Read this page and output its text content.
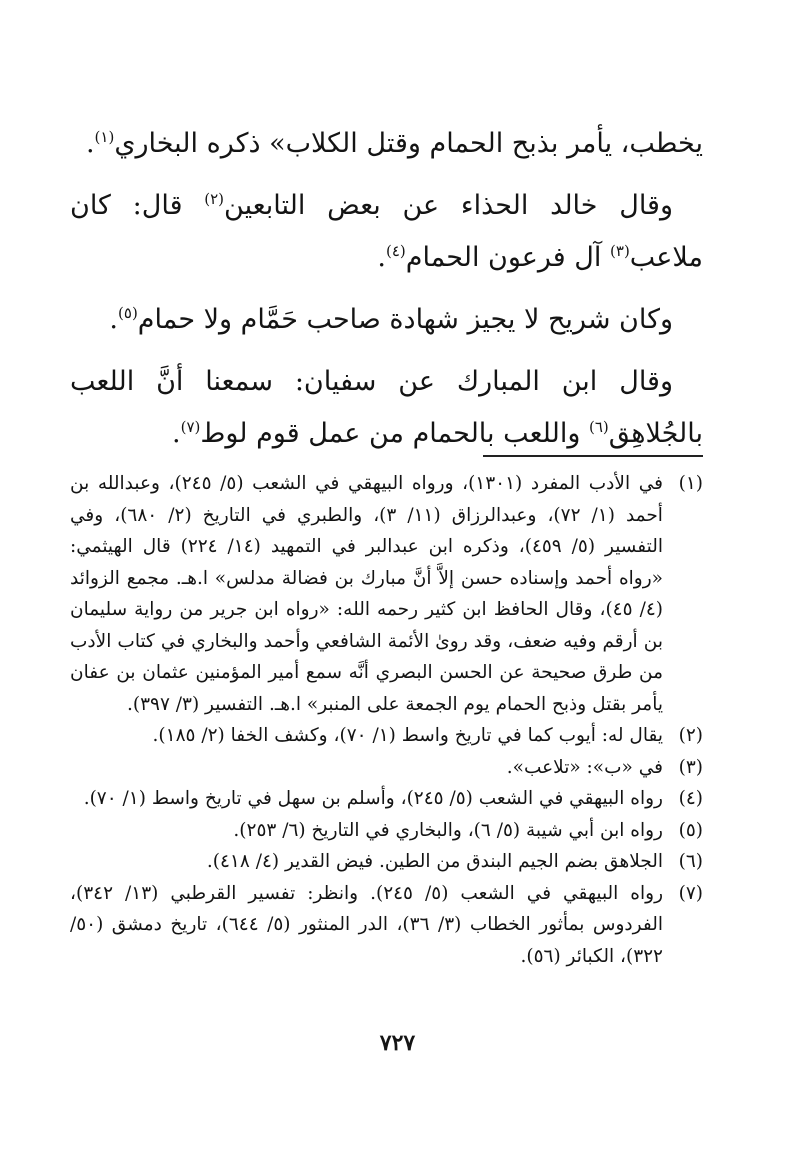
يخطب، يأمر بذبح الحمام وقتل الكلاب» ذكره البخاري$^{(١)}$.

وقال خالد الحذاء عن بعض التابعين$^{(٢)}$ قال: كان ملاعب$^{(٣)}$ آل فرعون الحمام$^{(٤)}$.

وكان شريح لا يجيز شهادة صاحب حَمَّام ولا حمام$^{(٥)}$.

وقال ابن المبارك عن سفيان: سمعنا أنَّ اللعب بالجُلاهِق$^{(٦)}$ واللعب بالحمام من عمل قوم لوط$^{(٧)}$.

(١)
في الأدب المفرد (١٣٠١)، ورواه البيهقي في الشعب (٥/ ٢٤٥)، وعبدالله بن أحمد (١/ ٧٢)، وعبدالرزاق (١١/ ٣)، والطبري في التاريخ (٢/ ٦٨٠)، وفي التفسير (٥/ ٤٥٩)، وذكره ابن عبدالبر في التمهيد (١٤/ ٢٢٤) قال الهيثمي: «رواه أحمد وإسناده حسن إلاَّ أنَّ مبارك بن فضالة مدلس» ا.هـ. مجمع الزوائد (٤/ ٤٥)، وقال الحافظ ابن كثير رحمه الله: «رواه ابن جرير من رواية سليمان بن أرقم وفيه ضعف، وقد روىٰ الأئمة الشافعي وأحمد والبخاري في كتاب الأدب من طرق صحيحة عن الحسن البصري أنَّه سمع أمير المؤمنين عثمان بن عفان يأمر بقتل وذبح الحمام يوم الجمعة على المنبر» ا.هـ. التفسير (٣/ ٣٩٧).
(٢)
يقال له: أيوب كما في تاريخ واسط (١/ ٧٠)، وكشف الخفا (٢/ ١٨٥).
(٣)
في «ب»: «تلاعب».
(٤)
رواه البيهقي في الشعب (٥/ ٢٤٥)، وأسلم بن سهل في تاريخ واسط (١/ ٧٠).
(٥)
رواه ابن أبي شيبة (٥/ ٦)، والبخاري في التاريخ (٦/ ٢٥٣).
(٦)
الجلاهق بضم الجيم البندق من الطين. فيض القدير (٤/ ٤١٨).
(٧)
رواه البيهقي في الشعب (٥/ ٢٤٥). وانظر: تفسير القرطبي (١٣/ ٣٤٢)، الفردوس بمأثور الخطاب (٣/ ٣٦)، الدر المنثور (٥/ ٦٤٤)، تاريخ دمشق (٥٠/ ٣٢٢)، الكبائر (٥٦).
٧٢٧
